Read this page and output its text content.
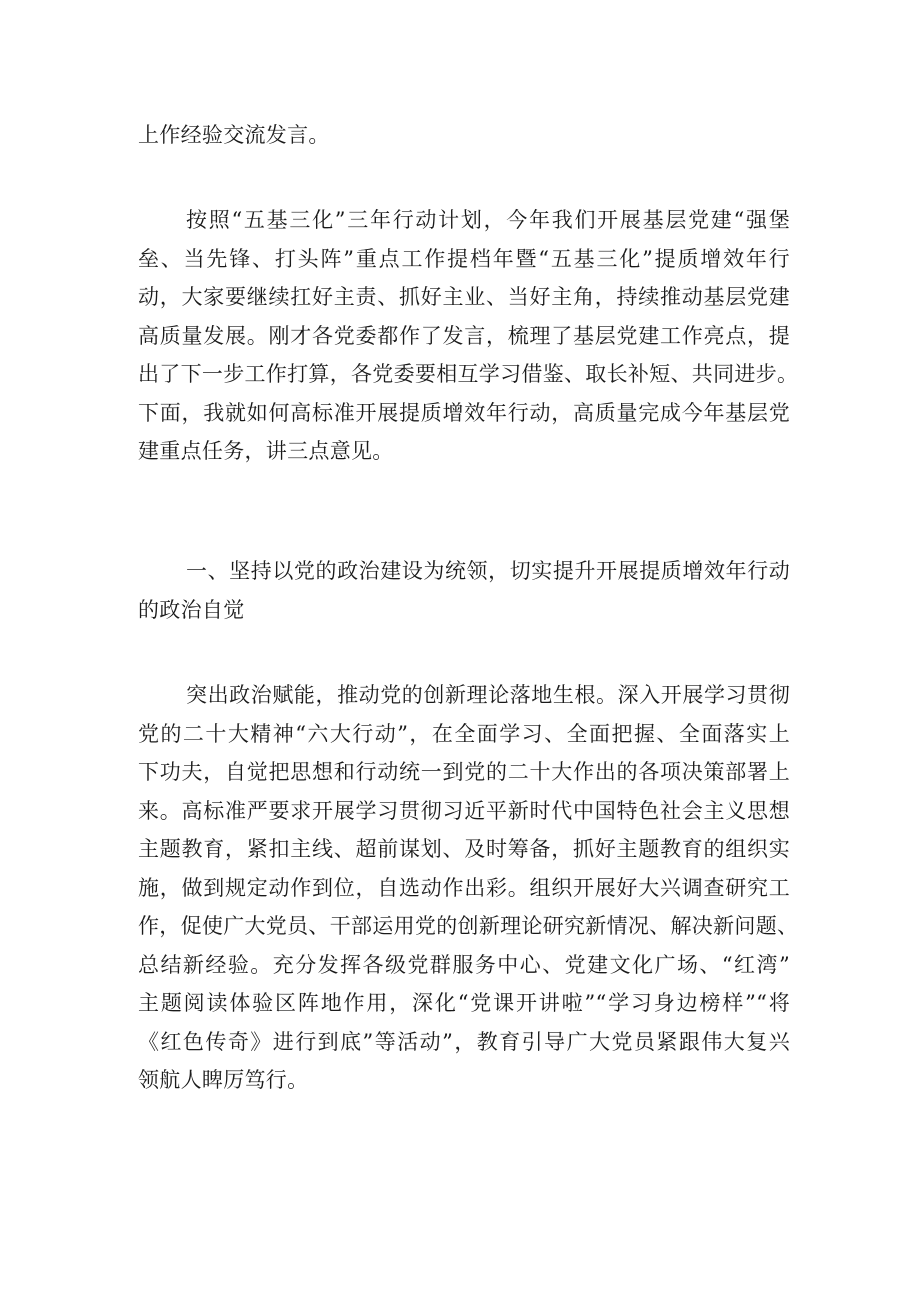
上作经验交流发言。
按照“五基三化”三年行动计划，今年我们开展基层党建“强堡
垒、当先锋、打头阵”重点工作提档年暨“五基三化”提质增效年行
动，大家要继续扛好主责、抓好主业、当好主角，持续推动基层党建
高质量发展。刚才各党委都作了发言，梳理了基层党建工作亮点，提
出了下一步工作打算，各党委要相互学习借鉴、取长补短、共同进步。
下面，我就如何高标准开展提质增效年行动，高质量完成今年基层党
建重点任务，讲三点意见。
一、坚持以党的政治建设为统领，切实提升开展提质增效年行动
的政治自觉
突出政治赋能，推动党的创新理论落地生根。深入开展学习贯彻
党的二十大精神“六大行动”，在全面学习、全面把握、全面落实上
下功夫，自觉把思想和行动统一到党的二十大作出的各项决策部署上
来。高标准严要求开展学习贯彻习近平新时代中国特色社会主义思想
主题教育，紧扣主线、超前谋划、及时筹备，抓好主题教育的组织实
施，做到规定动作到位，自选动作出彩。组织开展好大兴调查研究工
作，促使广大党员、干部运用党的创新理论研究新情况、解决新问题、
总结新经验。充分发挥各级党群服务中心、党建文化广场、“红湾”
主题阅读体验区阵地作用，深化“党课开讲啦”“学习身边榜样”“将
《红色传奇》进行到底”等活动”，教育引导广大党员紧跟伟大复兴
领航人睥厉笃行。
